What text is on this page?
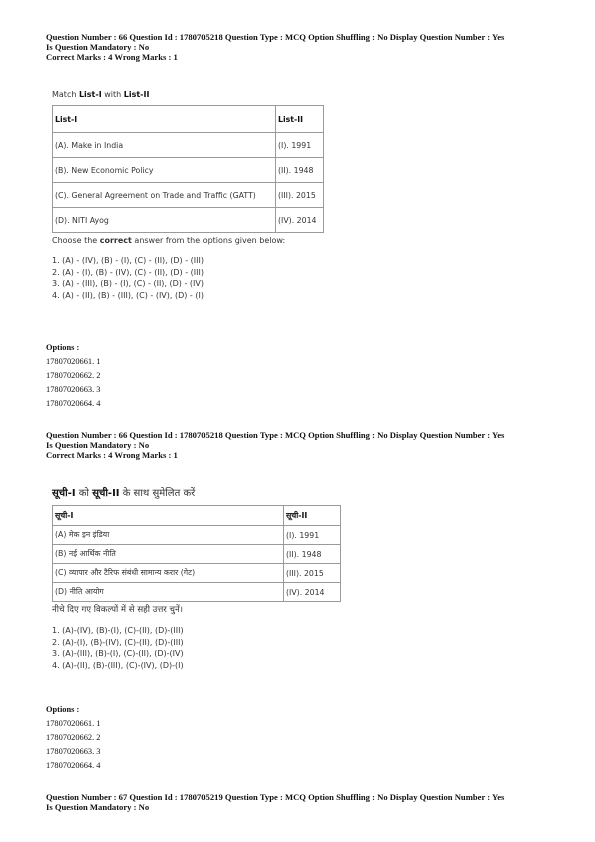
Question Number : 66 Question Id : 1780705218 Question Type : MCQ Option Shuffling : No Display Question Number : Yes
Is Question Mandatory : No
Correct Marks : 4 Wrong Marks : 1

Match List-I with List-II

List-I	List-II
(A). Make in India	(I). 1991
(B). New Economic Policy	(II). 1948
(C). General Agreement on Trade and Traffic (GATT)	(III). 2015
(D). NITI Ayog	(IV). 2014
Choose the correct answer from the options given below:
1. (A) - (IV), (B) - (I), (C) - (II), (D) - (III)
2. (A) - (I), (B) - (IV), (C) - (II), (D) - (III)
3. (A) - (III), (B) - (I), (C) - (II), (D) - (IV)
4. (A) - (II), (B) - (III), (C) - (IV), (D) - (I)
Options :
17807020661. 1
17807020662. 2
17807020663. 3
17807020664. 4
Question Number : 66 Question Id : 1780705218 Question Type : MCQ Option Shuffling : No Display Question Number : Yes
Is Question Mandatory : No
Correct Marks : 4 Wrong Marks : 1

सूची-I को सूची-II के साथ सुमेलित करें

सूची-I	सूची-II
(A) मेक इन इंडिया	(I). 1991
(B) नई आर्थिक नीति	(II). 1948
(C) व्यापार और टैरिफ संबंधी सामान्य करार (गेट)	(III). 2015
(D) नीति आयोग	(IV). 2014
नीचे दिए गए विकल्पों में से सही उत्तर चुनें।
1. (A)-(IV), (B)-(I), (C)-(II), (D)-(III)
2. (A)-(I), (B)-(IV), (C)-(II), (D)-(III)
3. (A)-(III), (B)-(I), (C)-(II), (D)-(IV)
4. (A)-(II), (B)-(III), (C)-(IV), (D)-(I)
Options :
17807020661. 1
17807020662. 2
17807020663. 3
17807020664. 4
Question Number : 67 Question Id : 1780705219 Question Type : MCQ Option Shuffling : No Display Question Number : Yes
Is Question Mandatory : No
